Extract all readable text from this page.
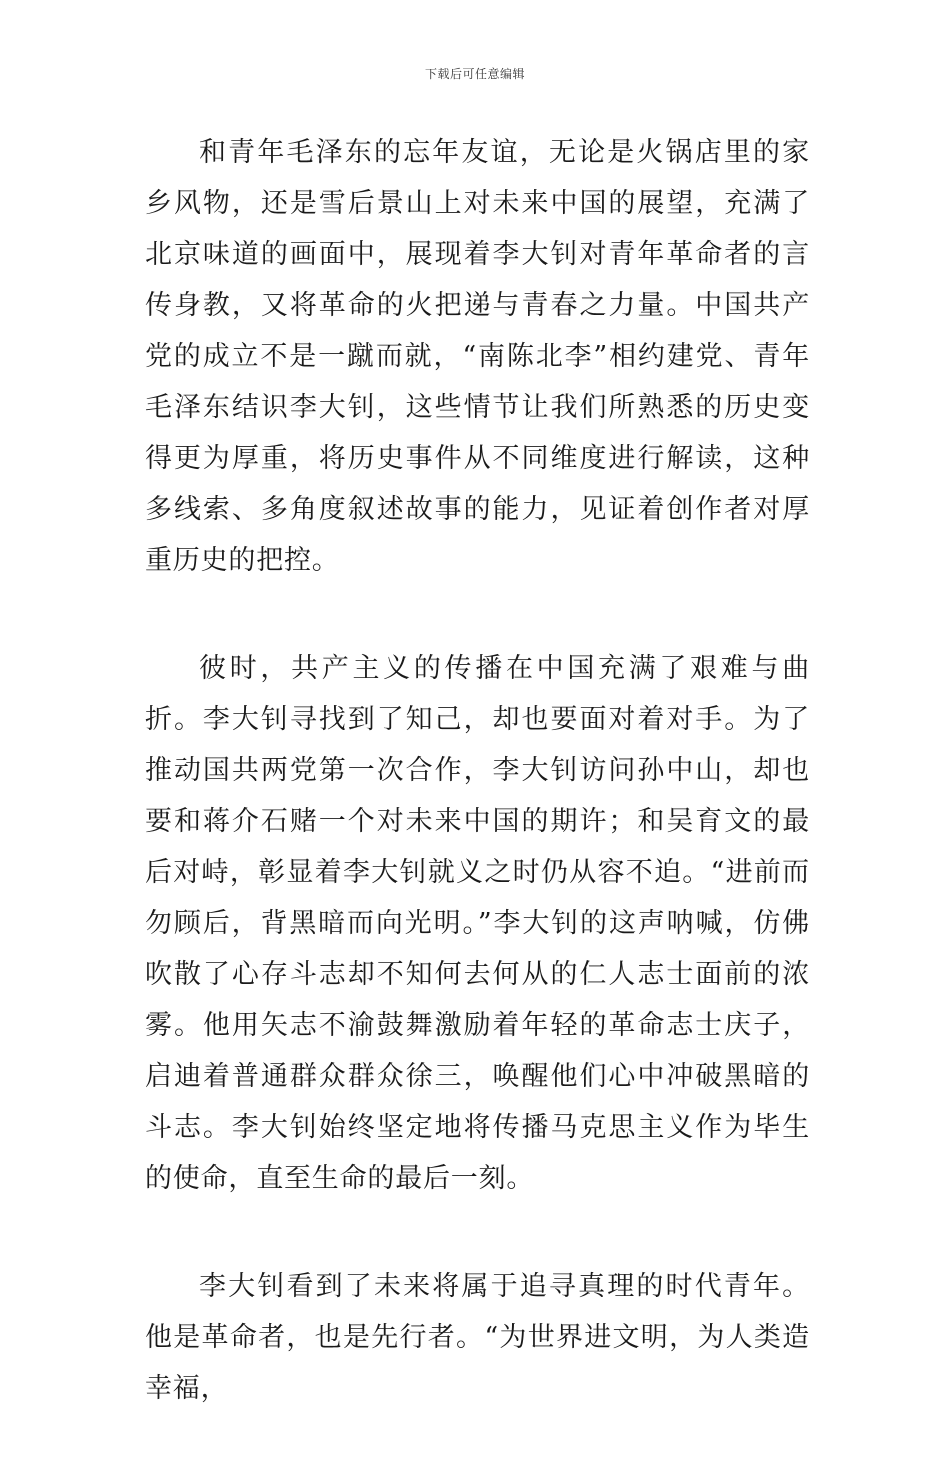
下载后可任意编辑

和青年毛泽东的忘年友谊，无论是火锅店里的家乡风物，还是雪后景山上对未来中国的展望，充满了北京味道的画面中，展现着李大钊对青年革命者的言传身教，又将革命的火把递与青春之力量。中国共产党的成立不是一蹴而就，“南陈北李”相约建党、青年毛泽东结识李大钊，这些情节让我们所熟悉的历史变得更为厚重，将历史事件从不同维度进行解读，这种多线索、多角度叙述故事的能力，见证着创作者对厚重历史的把控。

彼时，共产主义的传播在中国充满了艰难与曲折。李大钊寻找到了知己，却也要面对着对手。为了推动国共两党第一次合作，李大钊访问孙中山，却也要和蒋介石赌一个对未来中国的期许；和吴育文的最后对峙，彰显着李大钊就义之时仍从容不迫。“进前而勿顾后，背黑暗而向光明。”李大钊的这声呐喊，仿佛吹散了心存斗志却不知何去何从的仁人志士面前的浓雾。他用矢志不渝鼓舞激励着年轻的革命志士庆子，启迪着普通群众群众徐三，唤醒他们心中冲破黑暗的斗志。李大钊始终坚定地将传播马克思主义作为毕生的使命，直至生命的最后一刻。

李大钊看到了未来将属于追寻真理的时代青年。他是革命者，也是先行者。“为世界进文明，为人类造幸福，
